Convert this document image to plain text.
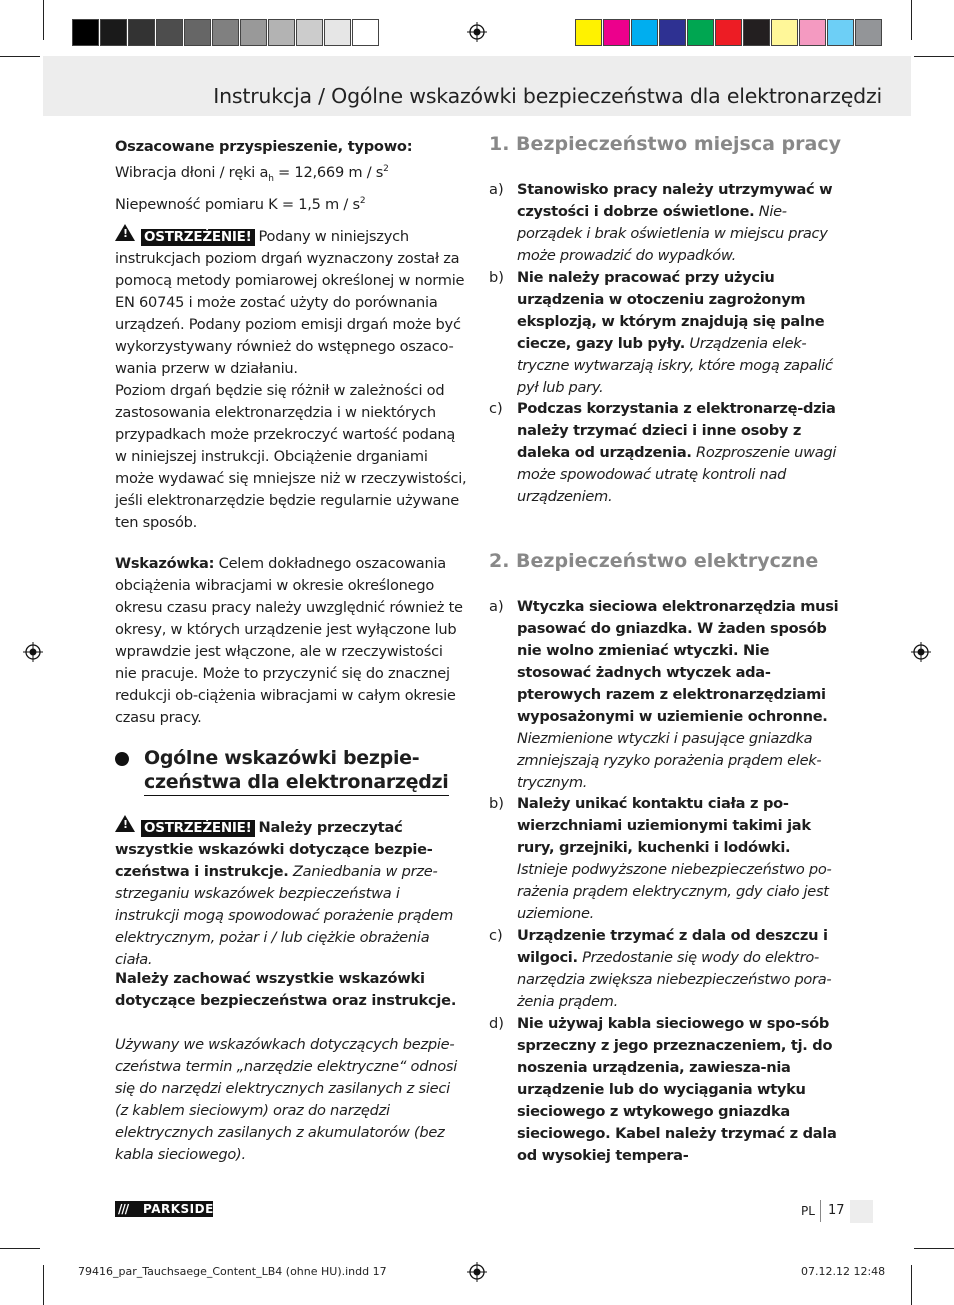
Instrukcja / Ogólne wskazówki bezpieczeństwa dla elektronarzędzi

Oszacowane przyspieszenie, typowo:

Wibracja dłoni / ręki $a_h = 12,669$ m / $s^2$

Niepewność pomiaru K = 1,5 m / $s^2$

! OSTRZEŻENIE! Podany w niniejszych instrukcjach poziom drgań wyznaczony został za pomocą metody pomiarowej określonej w normie EN 60745 i może zostać użyty do porównania urządzeń. Podany poziom emisji drgań może być wykorzystywany również do wstępnego oszaco-wania przerw w działaniu.

Poziom drgań będzie się różnił w zależności od zastosowania elektronarzędzia i w niektórych przypadkach może przekroczyć wartość podaną w niniejszej instrukcji. Obciążenie drganiami może wydawać się mniejsze niż w rzeczywistości, jeśli elektronarzędzie będzie regularnie używane ten sposób.

Wskazówka: Celem dokładnego oszacowania obciążenia wibracjami w okresie określonego okresu czasu pracy należy uwzględnić również te okresy, w których urządzenie jest wyłączone lub wprawdzie jest włączone, ale w rzeczywistości nie pracuje. Może to przyczynić się do znacznej redukcji ob-ciążenia wibracjami w całym okresie czasu pracy.

Ogólne wskazówki bezpie-
czeństwa dla elektronarzędzi

! OSTRZEŻENIE! Należy przeczytać wszystkie wskazówki dotyczące bezpie-czeństwa i instrukcje. Zaniedbania w prze-strzeganiu wskazówek bezpieczeństwa i instrukcji mogą spowodować porażenie prądem elektrycznym, pożar i / lub ciężkie obrażenia ciała.

Należy zachować wszystkie wskazówki dotyczące bezpieczeństwa oraz instrukcje.

Używany we wskazówkach dotyczących bezpie-czeństwa termin „narzędzie elektryczne“ odnosi się do narzędzi elektrycznych zasilanych z sieci (z kablem sieciowym) oraz do narzędzi elektrycznych zasilanych z akumulatorów (bez kabla sieciowego).

1. Bezpieczeństwo miejsca pracy
a) Stanowisko pracy należy utrzymywać w czystości i dobrze oświetlone. Nie-porządek i brak oświetlenia w miejscu pracy może prowadzić do wypadków.
b) Nie należy pracować przy użyciu urządzenia w otoczeniu zagrożonym eksplozją, w którym znajdują się palne ciecze, gazy lub pyły. Urządzenia elek-tryczne wytwarzają iskry, które mogą zapalić pył lub pary.
c) Podczas korzystania z elektronarzę-dzia należy trzymać dzieci i inne osoby z daleka od urządzenia. Rozproszenie uwagi może spowodować utratę kontroli nad urządzeniem.
2. Bezpieczeństwo elektryczne
a) Wtyczka sieciowa elektronarzędzia musi pasować do gniazdka. W żaden sposób nie wolno zmieniać wtyczki. Nie stosować żadnych wtyczek ada-pterowych razem z elektronarzędziami wyposażonymi w uziemienie ochronne. Niezmienione wtyczki i pasujące gniazdka zmniejszają ryzyko porażenia prądem elek-trycznym.
b) Należy unikać kontaktu ciała z po-wierzchniami uziemionymi takimi jak rury, grzejniki, kuchenki i lodówki. Istnieje podwyższone niebezpieczeństwo po-rażenia prądem elektrycznym, gdy ciało jest uziemione.
c) Urządzenie trzymać z dala od deszczu i wilgoci. Przedostanie się wody do elektro-narzędzia zwiększa niebezpieczeństwo pora-żenia prądem.
d) Nie używaj kabla sieciowego w spo-sób sprzeczny z jego przeznaczeniem, tj. do noszenia urządzenia, zawiesza-nia urządzenie lub do wyciągania wtyku sieciowego z wtykowego gniazdka sieciowego. Kabel należy trzymać z dala od wysokiej tempera-
/// PARKSIDE	PL 17
79416_par_Tauchsaege_Content_LB4 (ohne HU).indd 17	07.12.12 12:48
